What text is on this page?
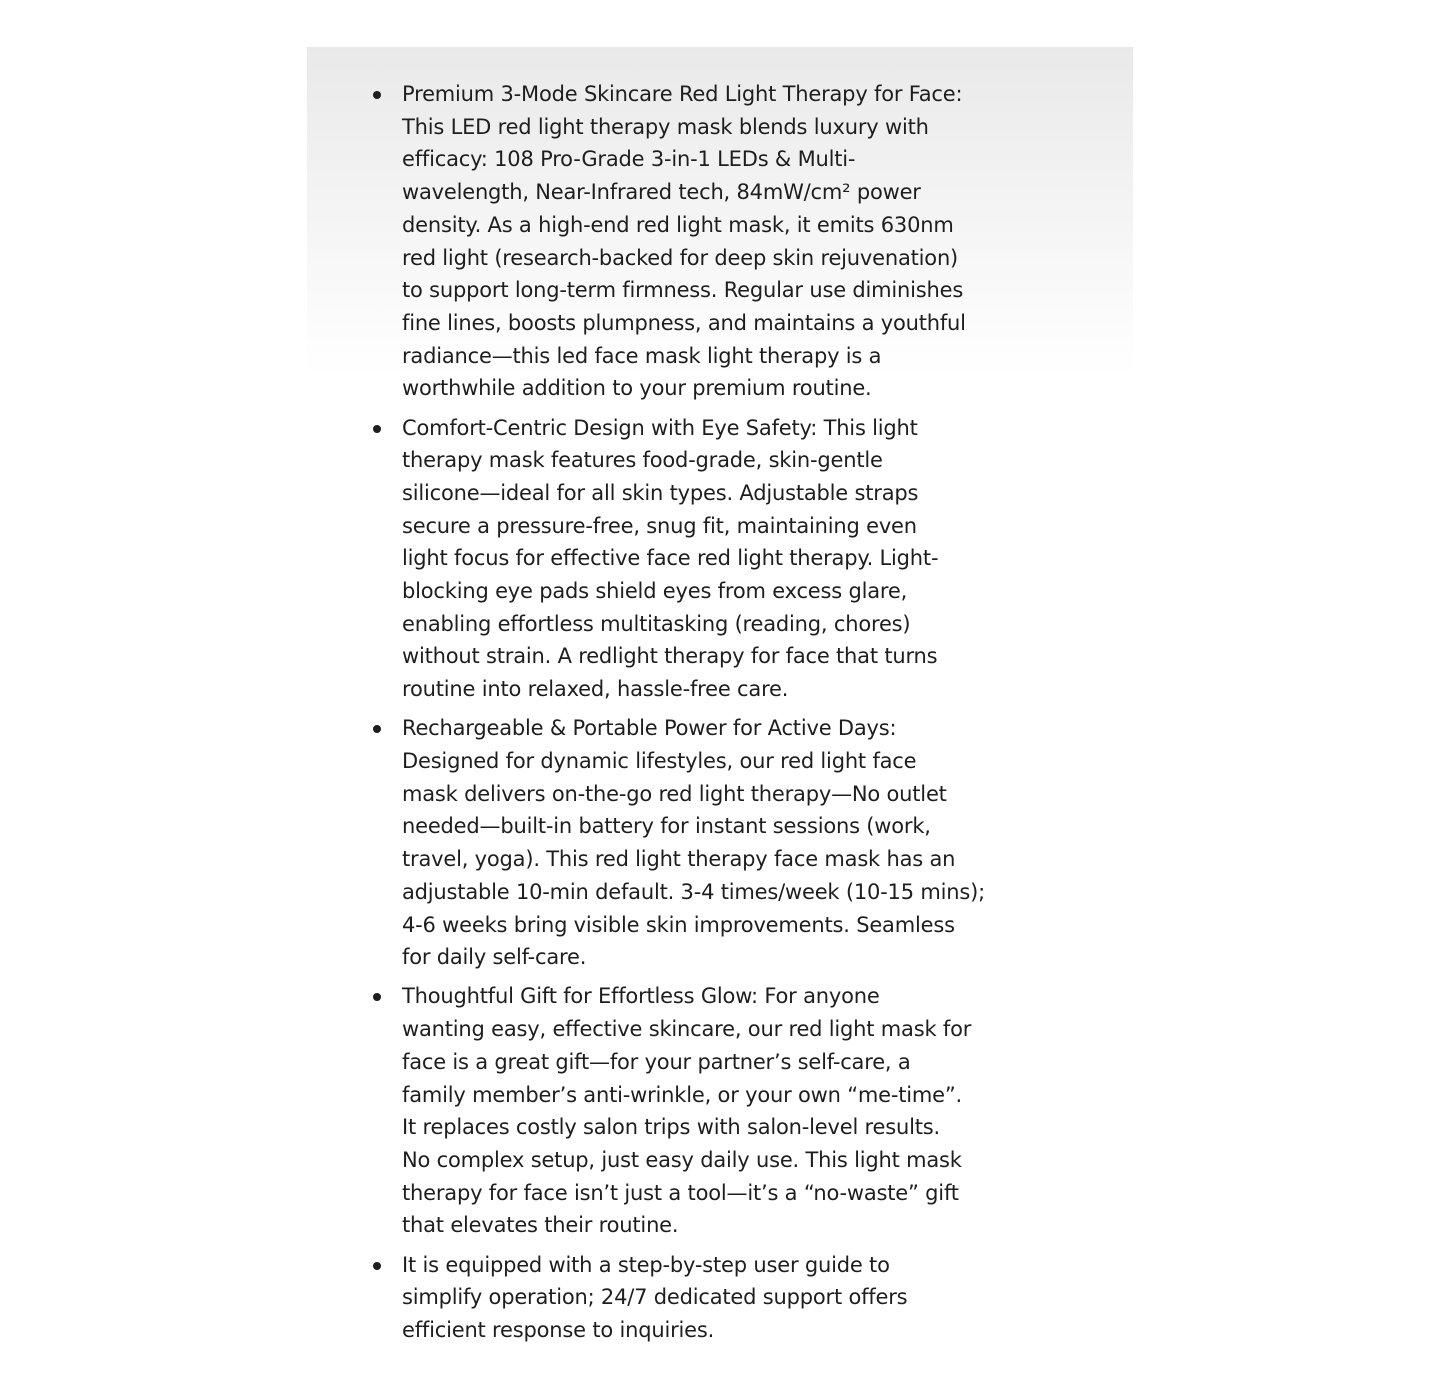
Premium 3-Mode Skincare Red Light Therapy for Face:
This LED red light therapy mask blends luxury with
efficacy: 108 Pro-Grade 3-in-1 LEDs & Multi-
wavelength, Near-Infrared tech, 84mW/cm² power
density. As a high-end red light mask, it emits 630nm
red light (research-backed for deep skin rejuvenation)
to support long-term firmness. Regular use diminishes
fine lines, boosts plumpness, and maintains a youthful
radiance—this led face mask light therapy is a
worthwhile addition to your premium routine.
Comfort-Centric Design with Eye Safety: This light
therapy mask features food-grade, skin-gentle
silicone—ideal for all skin types. Adjustable straps
secure a pressure-free, snug fit, maintaining even
light focus for effective face red light therapy. Light-
blocking eye pads shield eyes from excess glare,
enabling effortless multitasking (reading, chores)
without strain. A redlight therapy for face that turns
routine into relaxed, hassle-free care.
Rechargeable & Portable Power for Active Days:
Designed for dynamic lifestyles, our red light face
mask delivers on-the-go red light therapy—No outlet
needed—built-in battery for instant sessions (work,
travel, yoga). This red light therapy face mask has an
adjustable 10-min default. 3-4 times/week (10-15 mins);
4-6 weeks bring visible skin improvements. Seamless
for daily self-care.
Thoughtful Gift for Effortless Glow: For anyone
wanting easy, effective skincare, our red light mask for
face is a great gift—for your partner’s self-care, a
family member’s anti-wrinkle, or your own “me-time”.
It replaces costly salon trips with salon-level results.
No complex setup, just easy daily use. This light mask
therapy for face isn’t just a tool—it’s a “no-waste” gift
that elevates their routine.
It is equipped with a step-by-step user guide to
simplify operation; 24/7 dedicated support offers
efficient response to inquiries.
